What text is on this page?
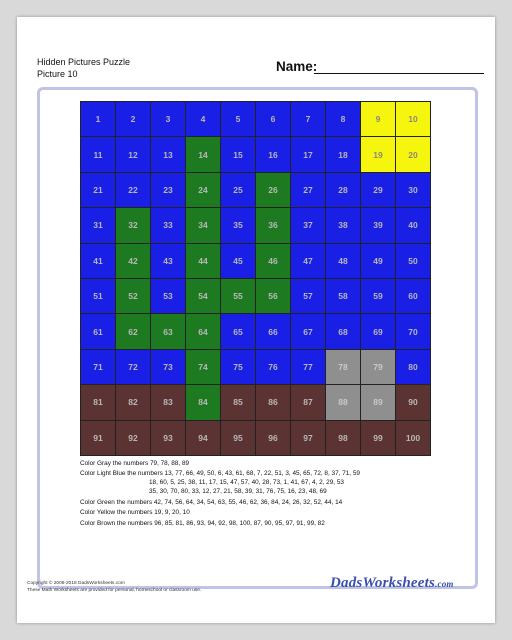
Hidden Pictures Puzzle
Picture 10	Name:
1	2	3	4	5	6	7	8	9	10
11	12	13	14	15	16	17	18	19	20
21	22	23	24	25	26	27	28	29	30
31	32	33	34	35	36	37	38	39	40
41	42	43	44	45	46	47	48	49	50
51	52	53	54	55	56	57	58	59	60
61	62	63	64	65	66	67	68	69	70
71	72	73	74	75	76	77	78	79	80
81	82	83	84	85	86	87	88	89	90
91	92	93	94	95	96	97	98	99	100
Color Gray the numbers 79, 78, 88, 89
Color Light Blue the numbers 13, 77, 66, 49, 50, 6, 43, 61, 68, 7, 22, 51, 3, 45, 65, 72, 8, 37, 71, 59
18, 60, 5, 25, 38, 11, 17, 15, 47, 57, 40, 28, 73, 1, 41, 67, 4, 2, 29, 53
35, 30, 70, 80, 33, 12, 27, 21, 58, 39, 31, 76, 75, 16, 23, 48, 69
Color Green the numbers 42, 74, 56, 64, 34, 54, 63, 55, 46, 62, 36, 84, 24, 26, 32, 52, 44, 14
Color Yellow the numbers 19, 9, 20, 10
Color Brown the numbers 96, 85, 81, 86, 93, 94, 92, 98, 100, 87, 90, 95, 97, 91, 99, 82
Copyright © 2008-2018 DadsWorksheets.com
These Math Worksheets are provided for personal, homeschool or classroom use.	DadsWorksheets.com
